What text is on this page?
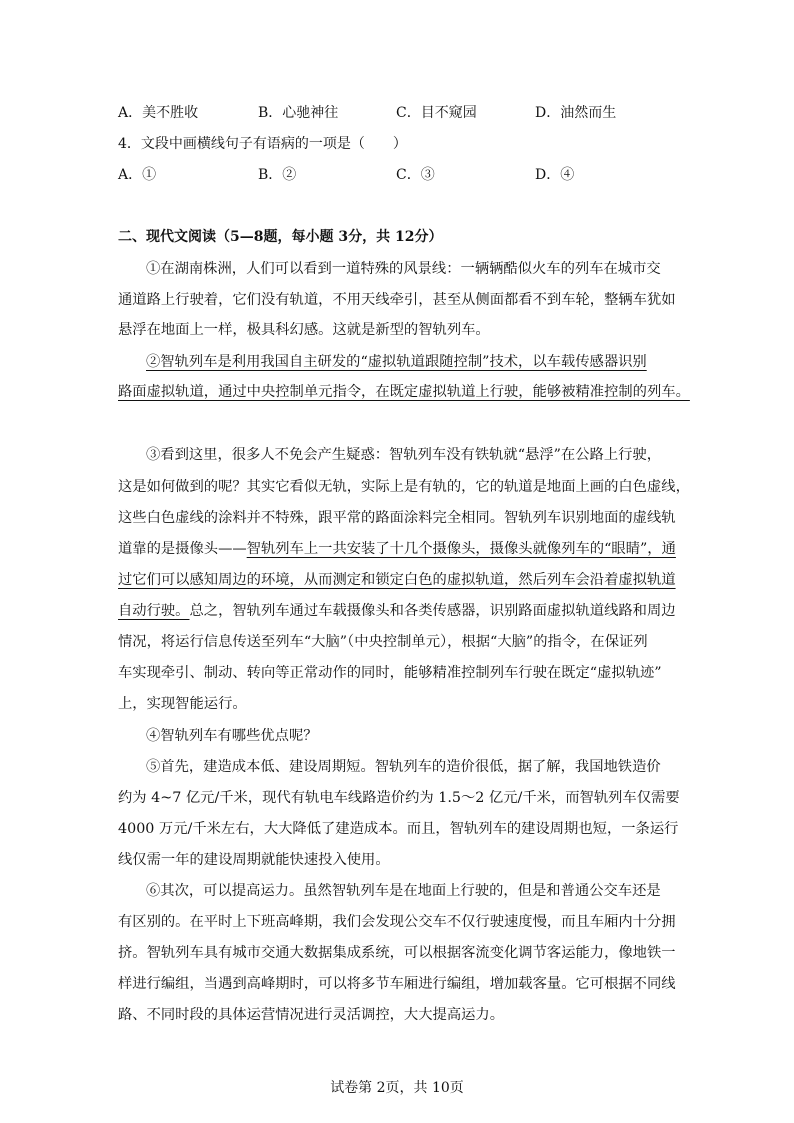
A．美不胜收	B．心驰神往	C．目不窥园	D．油然而生
4．文段中画横线句子有语病的一项是（　　）
A．①	B．②	C．③	D．④
二、现代文阅读（5—8题，每小题 3分，共 12分）
①在湖南株洲，人们可以看到一道特殊的风景线：一辆辆酷似火车的列车在城市交
通道路上行驶着，它们没有轨道，不用天线牵引，甚至从侧面都看不到车轮，整辆车犹如
悬浮在地面上一样，极具科幻感。这就是新型的智轨列车。
②智轨列车是利用我国自主研发的“虚拟轨道跟随控制”技术，以车载传感器识别
路面虚拟轨道，通过中央控制单元指令，在既定虚拟轨道上行驶，能够被精准控制的列车。
③看到这里，很多人不免会产生疑惑：智轨列车没有铁轨就“悬浮”在公路上行驶，
这是如何做到的呢？其实它看似无轨，实际上是有轨的，它的轨道是地面上画的白色虚线，
这些白色虚线的涂料并不特殊，跟平常的路面涂料完全相同。智轨列车识别地面的虚线轨
道靠的是摄像头——智轨列车上一共安装了十几个摄像头，摄像头就像列车的“眼睛”，通
过它们可以感知周边的环境，从而测定和锁定白色的虚拟轨道，然后列车会沿着虚拟轨道
自动行驶。总之，智轨列车通过车载摄像头和各类传感器，识别路面虚拟轨道线路和周边
情况，将运行信息传送至列车“大脑”（中央控制单元），根据“大脑”的指令，在保证列
车实现牵引、制动、转向等正常动作的同时，能够精准控制列车行驶在既定“虚拟轨迹”
上，实现智能运行。
④智轨列车有哪些优点呢？
⑤首先，建造成本低、建设周期短。智轨列车的造价很低，据了解，我国地铁造价
约为 4~7 亿元/千米，现代有轨电车线路造价约为 1.5～2 亿元/千米，而智轨列车仅需要
4000 万元/千米左右，大大降低了建造成本。而且，智轨列车的建设周期也短，一条运行
线仅需一年的建设周期就能快速投入使用。
⑥其次，可以提高运力。虽然智轨列车是在地面上行驶的，但是和普通公交车还是
有区别的。在平时上下班高峰期，我们会发现公交车不仅行驶速度慢，而且车厢内十分拥
挤。智轨列车具有城市交通大数据集成系统，可以根据客流变化调节客运能力，像地铁一
样进行编组，当遇到高峰期时，可以将多节车厢进行编组，增加载客量。它可根据不同线
路、不同时段的具体运营情况进行灵活调控，大大提高运力。
试卷第 2页，共 10页
